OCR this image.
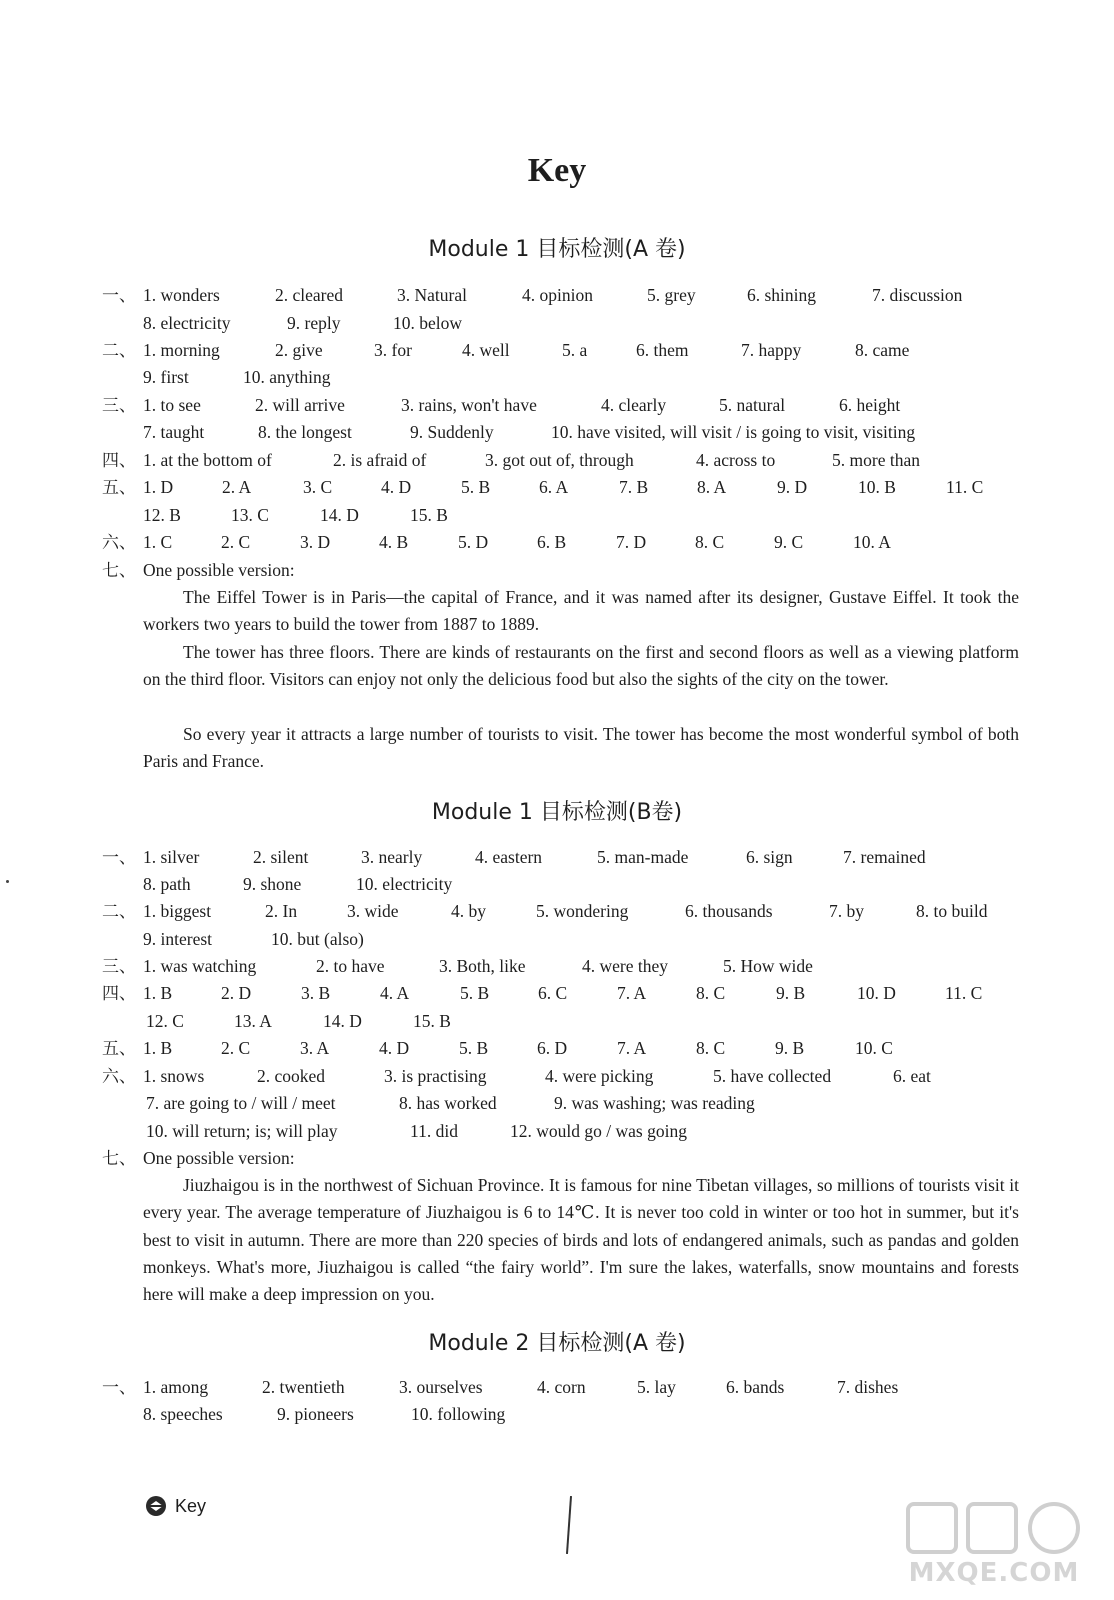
Key
Module 1 目标检测(A 卷)
一、 1. wonders	2. cleared	3. Natural	4. opinion	5. grey	6. shining	7. discussion
8. electricity	9. reply	10. below
二、 1. morning	2. give	3. for	4. well	5. a	6. them	7. happy	8. came
9. first	10. anything
三、 1. to see	2. will arrive	3. rains, won't have	4. clearly	5. natural	6. height
7. taught	8. the longest	9. Suddenly	10. have visited, will visit / is going to visit, visiting
四、 1. at the bottom of	2. is afraid of	3. got out of, through	4. across to	5. more than
五、 1. D	2. A	3. C	4. D	5. B	6. A	7. B	8. A	9. D	10. B	11. C
12. B	13. C	14. D	15. B
六、 1. C	2. C	3. D	4. B	5. D	6. B	7. D	8. C	9. C	10. A
七、 One possible version:

The Eiffel Tower is in Paris—the capital of France, and it was named after its designer, Gustave Eiffel. It took the workers two years to build the tower from 1887 to 1889.

The tower has three floors. There are kinds of restaurants on the first and second floors as well as a viewing platform on the third floor. Visitors can enjoy not only the delicious food but also the sights of the city on the tower.

So every year it attracts a large number of tourists to visit. The tower has become the most wonderful symbol of both Paris and France.

Module 1 目标检测(B卷)
一、 1. silver	2. silent	3. nearly	4. eastern	5. man-made	6. sign	7. remained
8. path	9. shone	10. electricity
二、 1. biggest	2. In	3. wide	4. by	5. wondering	6. thousands	7. by	8. to build
9. interest	10. but (also)
三、 1. was watching	2. to have	3. Both, like	4. were they	5. How wide
四、 1. B	2. D	3. B	4. A	5. B	6. C	7. A	8. C	9. B	10. D	11. C
12. C	13. A	14. D	15. B
五、 1. B	2. C	3. A	4. D	5. B	6. D	7. A	8. C	9. B	10. C
六、 1. snows	2. cooked	3. is practising	4. were picking	5. have collected	6. eat
7. are going to / will / meet	8. has worked	9. was washing; was reading
10. will return; is; will play	11. did	12. would go / was going
七、 One possible version:

Jiuzhaigou is in the northwest of Sichuan Province. It is famous for nine Tibetan villages, so millions of tourists visit it every year. The average temperature of Jiuzhaigou is 6 to 14℃. It is never too cold in winter or too hot in summer, but it's best to visit in autumn. There are more than 220 species of birds and lots of endangered animals, such as pandas and golden monkeys. What's more, Jiuzhaigou is called “the fairy world”. I'm sure the lakes, waterfalls, snow mountains and forests here will make a deep impression on you.

Module 2 目标检测(A 卷)
一、 1. among	2. twentieth	3. ourselves	4. corn	5. lay	6. bands	7. dishes
8. speeches	9. pioneers	10. following
Key
MXQE.COM
